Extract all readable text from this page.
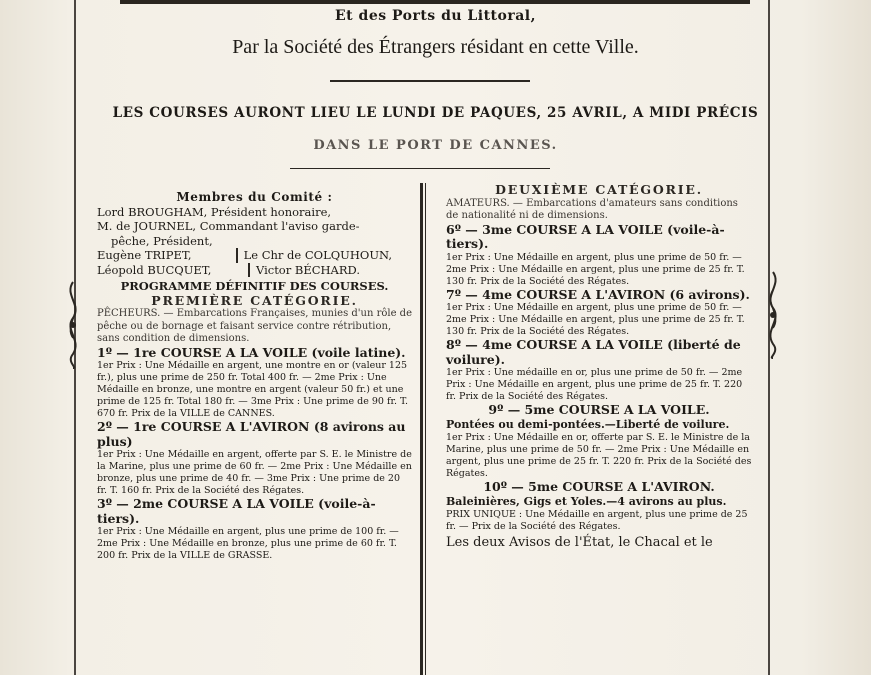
Et des Ports du Littoral,
Par la Société des Étrangers résidant en cette Ville.
LES COURSES AURONT LIEU LE LUNDI DE PAQUES, 25 AVRIL, A MIDI PRÉCIS
DANS LE PORT DE CANNES.

Membres du Comité :

Lord BROUGHAM, Président honoraire,

M. de JOURNEL, Commandant l'aviso garde-

pêche, Président,

Eugène TRIPET,	Le Chr de COLQUHOUN,
Léopold BUCQUET,	Victor BÉCHARD.

PROGRAMME DÉFINITIF DES COURSES.

PREMIÈRE CATÉGORIE.

PÊCHEURS. — Embarcations Françaises, munies d'un rôle de pêche ou de bornage et faisant service contre rétribution, sans condition de dimensions.

1º — 1re COURSE A LA VOILE (voile latine).

1er Prix : Une Médaille en argent, une montre en or (valeur 125 fr.), plus une prime de 250 fr. Total 400 fr. — 2me Prix : Une Médaille en bronze, une montre en argent (valeur 50 fr.) et une prime de 125 fr. Total 180 fr. — 3me Prix : Une prime de 90 fr. T. 670 fr. Prix de la VILLE de CANNES.

2º — 1re COURSE A L'AVIRON (8 avirons au plus)

1er Prix : Une Médaille en argent, offerte par S. E. le Ministre de la Marine, plus une prime de 60 fr. — 2me Prix : Une Médaille en bronze, plus une prime de 40 fr. — 3me Prix : Une prime de 20 fr. T. 160 fr. Prix de la Société des Régates.

3º — 2me COURSE A LA VOILE (voile-à-tiers).

1er Prix : Une Médaille en argent, plus une prime de 100 fr. — 2me Prix : Une Médaille en bronze, plus une prime de 60 fr. T. 200 fr. Prix de la VILLE de GRASSE.

DEUXIÈME CATÉGORIE.

AMATEURS. — Embarcations d'amateurs sans conditions de nationalité ni de dimensions.

6º — 3me COURSE A LA VOILE (voile-à-tiers).

1er Prix : Une Médaille en argent, plus une prime de 50 fr. — 2me Prix : Une Médaille en argent, plus une prime de 25 fr. T. 130 fr. Prix de la Société des Régates.

7º — 4me COURSE A L'AVIRON (6 avirons).

1er Prix : Une Médaille en argent, plus une prime de 50 fr. — 2me Prix : Une Médaille en argent, plus une prime de 25 fr. T. 130 fr. Prix de la Société des Régates.

8º — 4me COURSE A LA VOILE (liberté de voilure).

1er Prix : Une médaille en or, plus une prime de 50 fr. — 2me Prix : Une Médaille en argent, plus une prime de 25 fr. T. 220 fr. Prix de la Société des Régates.

9º — 5me COURSE A LA VOILE.

Pontées ou demi-pontées.—Liberté de voilure.

1er Prix : Une Médaille en or, offerte par S. E. le Ministre de la Marine, plus une prime de 50 fr. — 2me Prix : Une Médaille en argent, plus une prime de 25 fr. T. 220 fr. Prix de la Société des Régates.

10º — 5me COURSE A L'AVIRON.

Baleinières, Gigs et Yoles.—4 avirons au plus.

PRIX UNIQUE : Une Médaille en argent, plus une prime de 25 fr. — Prix de la Société des Régates.

Les deux Avisos de l'État, le Chacal et le
